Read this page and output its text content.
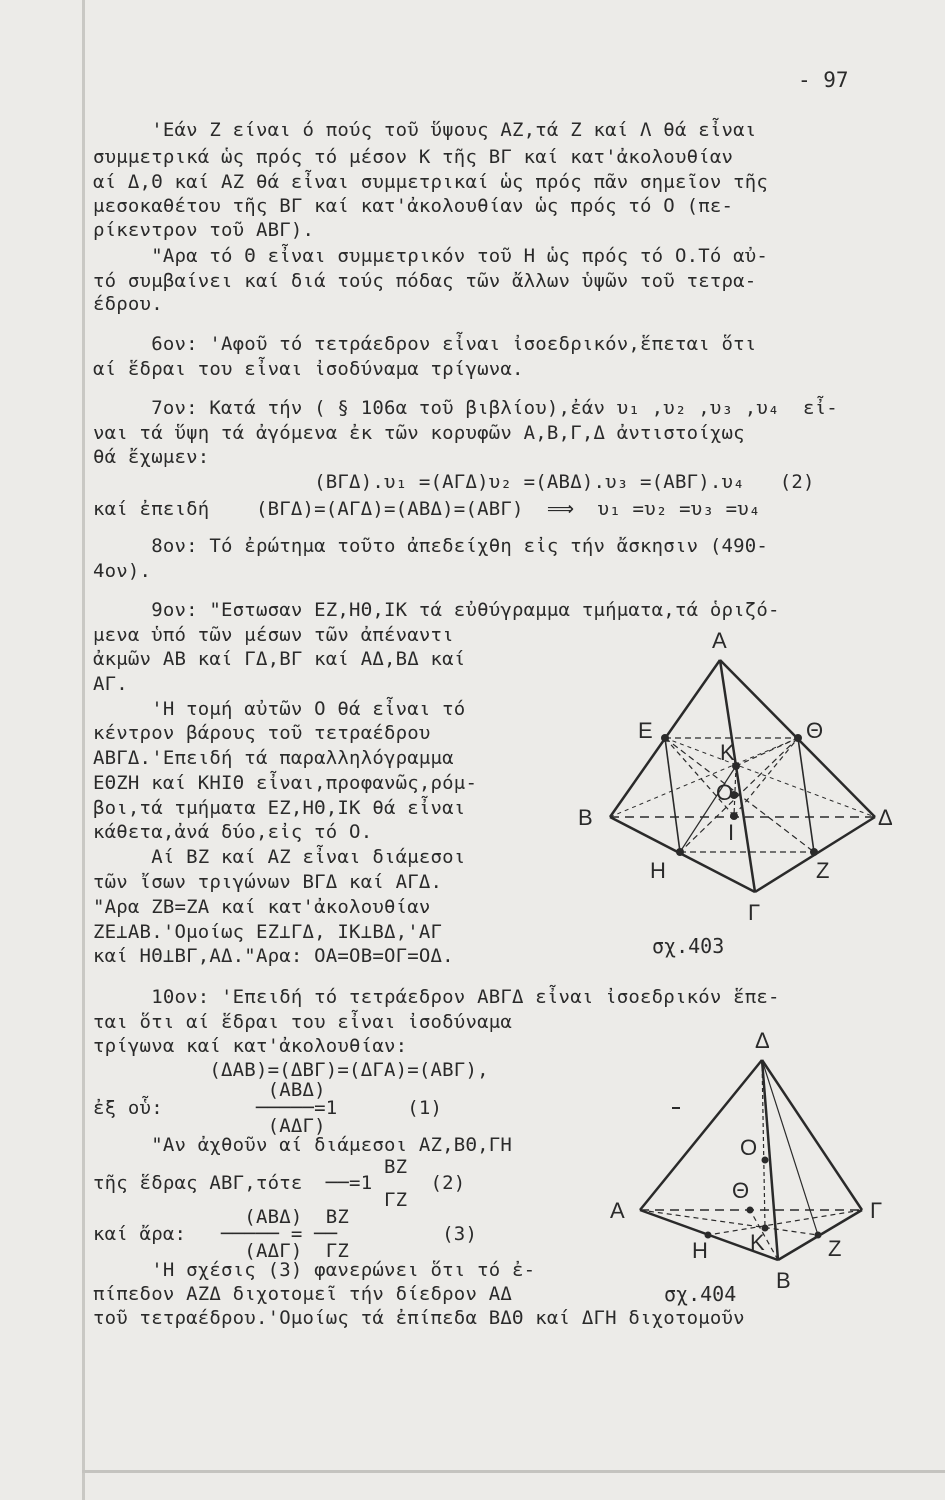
- 97
'Εάν Ζ είναι ό πούς τοῦ ὕψους ΑΖ,τά Ζ καί Λ θά εἶναι
συμμετρικά ὡς πρός τό μέσον Κ τῆς ΒΓ καί κατ'ἀκολουθίαν
αί Δ,Θ καί ΑΖ θά εἶναι συμμετρικαί ὡς πρός πᾶν σημεῖον τῆς
μεσοκαθέτου τῆς ΒΓ καί κατ'ἀκολουθίαν ὡς πρός τό Ο (πε-
ρίκεντρον τοῦ ΑΒΓ).
"Αρα τό Θ εἶναι συμμετρικόν τοῦ Η ὡς πρός τό Ο.Τό αὐ-
τό συμβαίνει καί διά τούς πόδας τῶν ἄλλων ὑψῶν τοῦ τετρα-
έδρου.
6ον: 'Αφοῦ τό τετράεδρον εἶναι ἰσοεδρικόν,ἕπεται ὅτι
αί ἕδραι του εἶναι ἰσοδύναμα τρίγωνα.
7ον: Κατά τήν ( § 106α τοῦ βιβλίου),ἐάν υ₁ ,υ₂ ,υ₃ ,υ₄  εἶ-
ναι τά ὕψη τά ἀγόμενα ἐκ τῶν κορυφῶν Α,Β,Γ,Δ ἀντιστοίχως
θά ἔχωμεν:
(ΒΓΔ).υ₁ =(ΑΓΔ)υ₂ =(ΑΒΔ).υ₃ =(ΑΒΓ).υ₄   (2)
καί ἐπειδή    (ΒΓΔ)=(ΑΓΔ)=(ΑΒΔ)=(ΑΒΓ)  ⟹  υ₁ =υ₂ =υ₃ =υ₄
8ον: Τό ἐρώτημα τοῦτο ἀπεδείχθη εἰς τήν ἄσκησιν (490-
4ον).
9ον: "Εστωσαν ΕΖ,ΗΘ,ΙΚ τά εὐθύγραμμα τμήματα,τά ὁριζό-
μενα ὑπό τῶν μέσων τῶν ἀπέναντι
ἀκμῶν ΑΒ καί ΓΔ,ΒΓ καί ΑΔ,ΒΔ καί
ΑΓ.
'Η τομή αὐτῶν Ο θά εἶναι τό
κέντρον βάρους τοῦ τετραέδρου
ΑΒΓΔ.'Επειδή τά παραλληλόγραμμα
ΕΘΖΗ καί ΚΗΙΘ εἶναι,προφανῶς,ρόμ-
βοι,τά τμήματα ΕΖ,ΗΘ,ΙΚ θά εἶναι
κάθετα,ἀνά δύο,εἰς τό Ο.
Αί ΒΖ καί ΑΖ εἶναι διάμεσοι
τῶν ἴσων τριγώνων ΒΓΔ καί ΑΓΔ.
"Αρα ΖΒ=ΖΑ καί κατ'ἀκολουθίαν
ΖΕ⊥ΑΒ.'Ομοίως ΕΖ⊥ΓΔ, ΙΚ⊥ΒΔ,'ΑΓ
καί ΗΘ⊥ΒΓ,ΑΔ."Αρα: ΟΑ=ΟΒ=ΟΓ=ΟΔ.
10ον: 'Επειδή τό τετράεδρον ΑΒΓΔ εἶναι ἰσοεδρικόν ἕπε-
ται ὅτι αί ἕδραι του εἶναι ἰσοδύναμα
τρίγωνα καί κατ'ἀκολουθίαν:
(ΔΑΒ)=(ΔΒΓ)=(ΔΓΑ)=(ΑΒΓ),
(ΑΒΔ)
ἐξ οὗ:        ─────=1      (1)
(ΑΔΓ)
"Αν ἀχθοῦν αί διάμεσοι ΑΖ,ΒΘ,ΓΗ
ΒΖ
τῆς ἕδρας ΑΒΓ,τότε  ──=1     (2)
ΓΖ
(ΑΒΔ)  ΒΖ
καί ἄρα:   ───── = ──         (3)
(ΑΔΓ)  ΓΖ
'Η σχέσις (3) φανερώνει ὅτι τό ἐ-
πίπεδον ΑΖΔ διχοτομεῖ τήν δίεδρον ΑΔ
τοῦ τετραέδρου.'Ομοίως τά ἐπίπεδα ΒΔΘ καί ΔΓΗ διχοτομοῦν
Α
Ε	Θ
Κ
Ο
Ι
Β	Δ
Η	Ζ
Γ
σχ.403
Δ
Ο
Α
Θ
Γ
Η Κ	Ζ
Β
σχ.404
